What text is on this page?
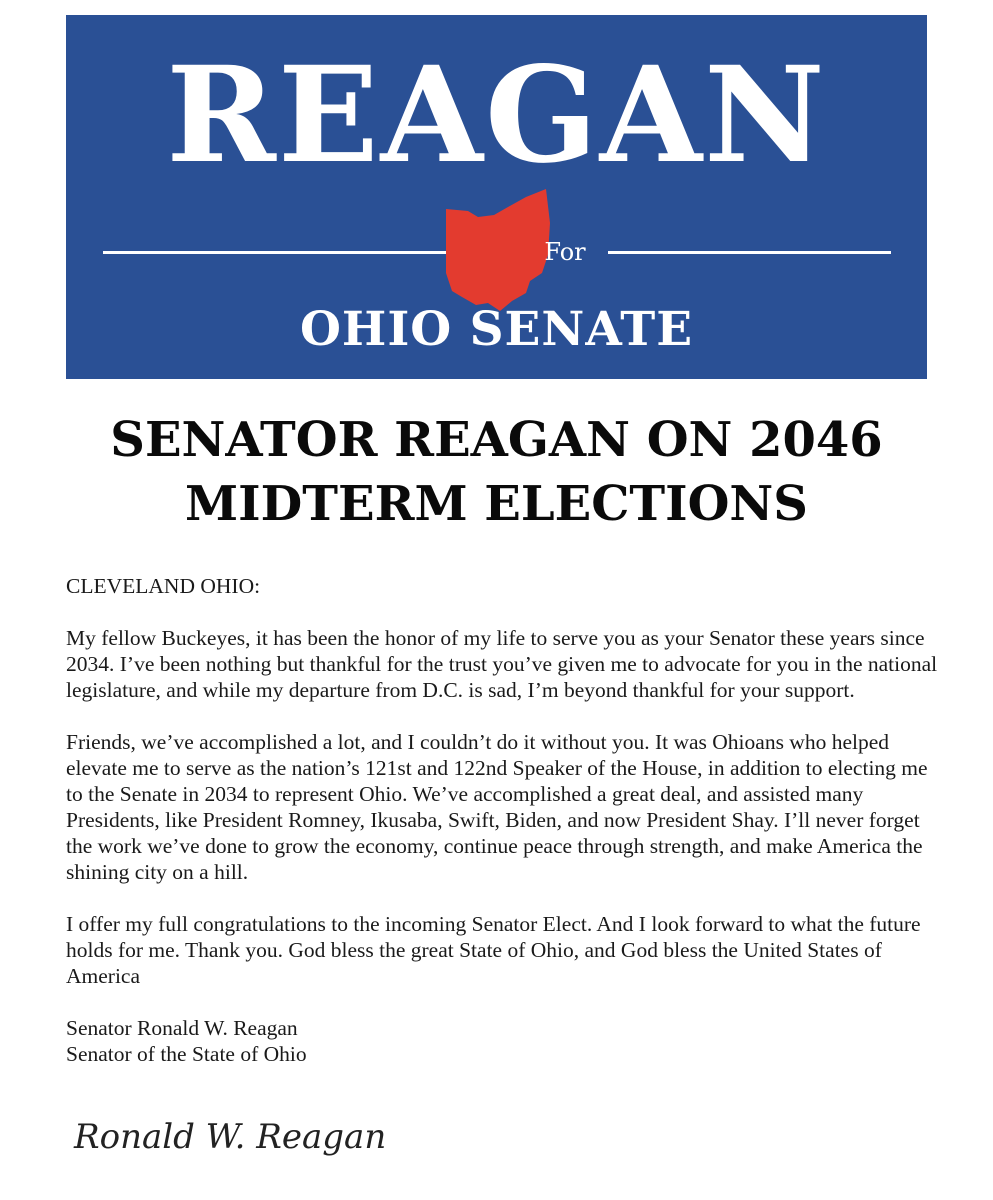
REAGAN
For
OHIO SENATE
SENATOR REAGAN ON 2046 MIDTERM ELECTIONS

CLEVELAND OHIO:

My fellow Buckeyes, it has been the honor of my life to serve you as your Senator these years since 2034. I’ve been nothing but thankful for the trust you’ve given me to advocate for you in the national legislature, and while my departure from D.C. is sad, I’m beyond thankful for your support.

Friends, we’ve accomplished a lot, and I couldn’t do it without you. It was Ohioans who helped elevate me to serve as the nation’s 121st and 122nd Speaker of the House, in addition to electing me to the Senate in 2034 to represent Ohio. We’ve accomplished a great deal, and assisted many Presidents, like President Romney, Ikusaba, Swift, Biden, and now President Shay. I’ll never forget the work we’ve done to grow the economy, continue peace through strength, and make America the shining city on a hill.

I offer my full congratulations to the incoming Senator Elect. And I look forward to what the future holds for me. Thank you. God bless the great State of Ohio, and God bless the United States of America

Senator Ronald W. Reagan
Senator of the State of Ohio

Ronald W. Reagan
